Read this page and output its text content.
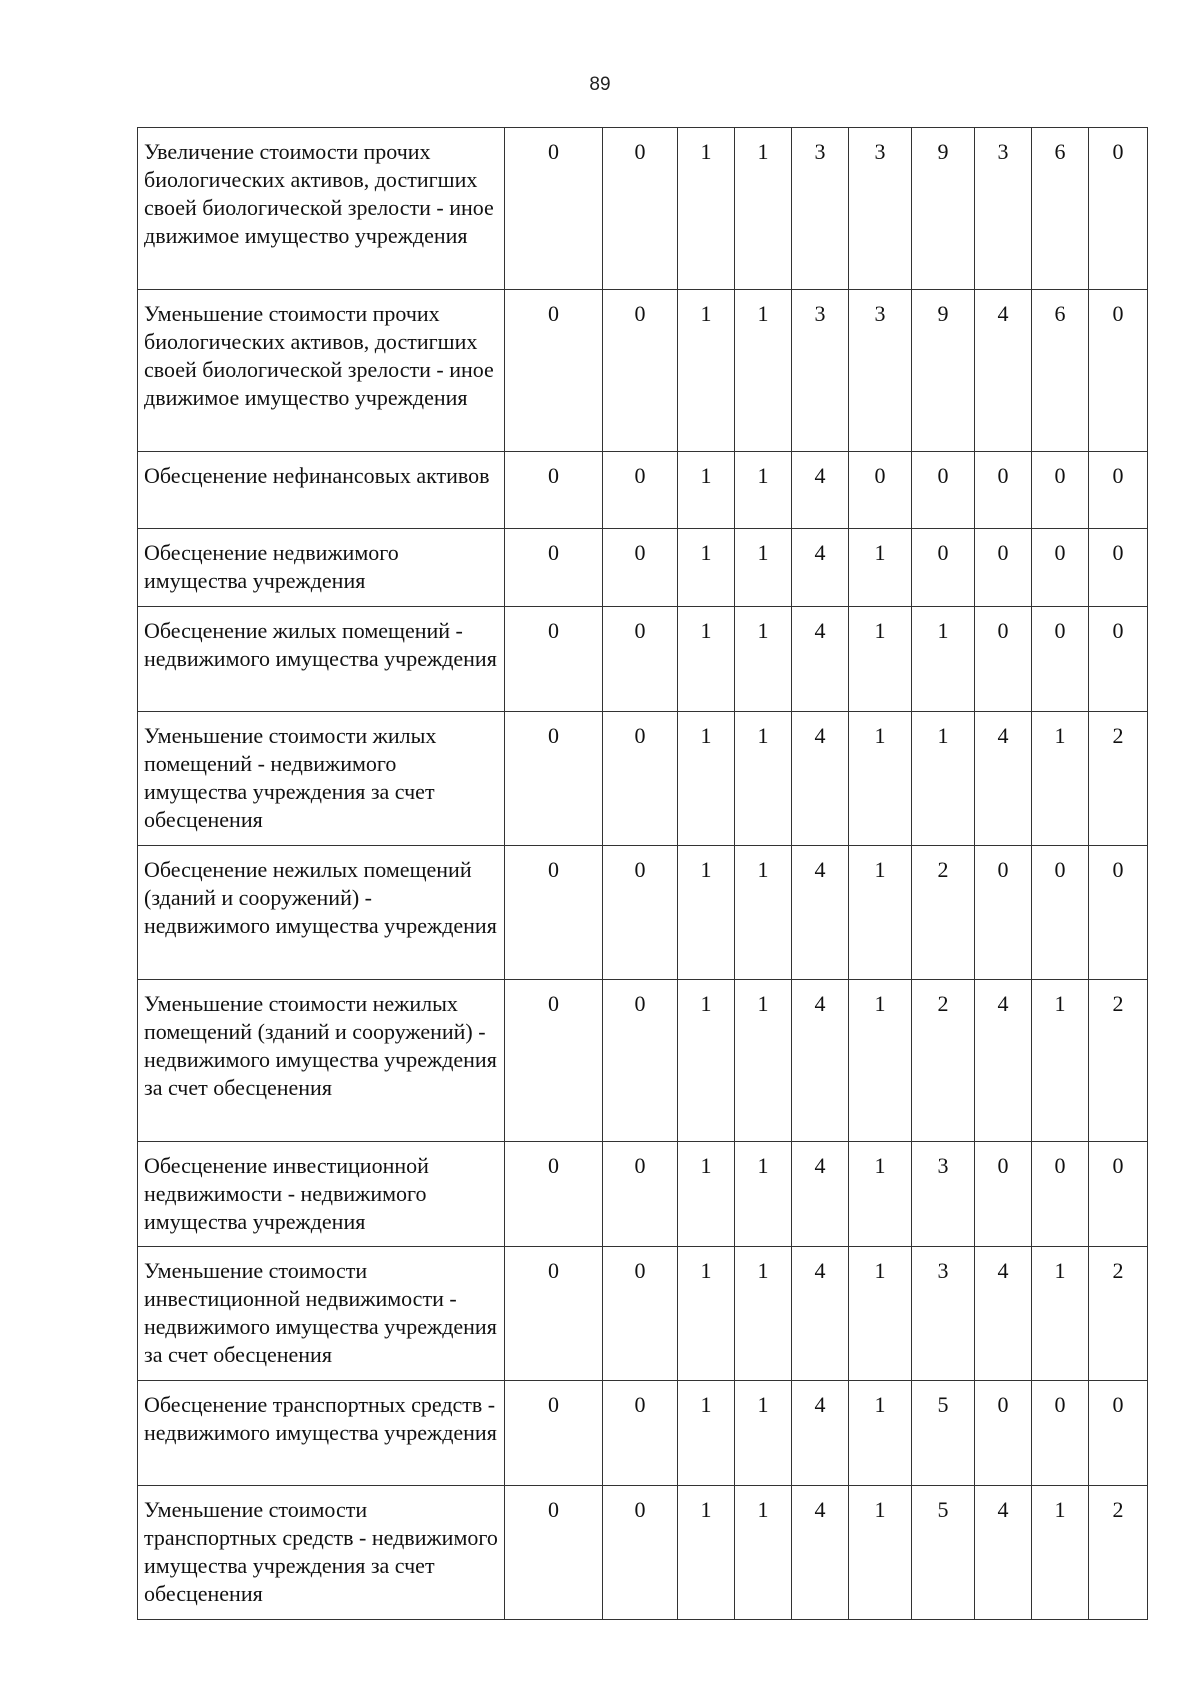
89
Увеличение стоимости прочих биологических активов, достигших своей биологической зрелости - иное движимое имущество учреждения	0	0	1	1	3	3	9	3	6	0
Уменьшение стоимости прочих биологических активов, достигших своей биологической зрелости - иное движимое имущество учреждения	0	0	1	1	3	3	9	4	6	0
Обесценение нефинансовых активов	0	0	1	1	4	0	0	0	0	0
Обесценение недвижимого имущества учреждения	0	0	1	1	4	1	0	0	0	0
Обесценение жилых помещений - недвижимого имущества учреждения	0	0	1	1	4	1	1	0	0	0
Уменьшение стоимости жилых помещений - недвижимого имущества учреждения за счет обесценения	0	0	1	1	4	1	1	4	1	2
Обесценение нежилых помещений (зданий и сооружений) - недвижимого имущества учреждения	0	0	1	1	4	1	2	0	0	0
Уменьшение стоимости нежилых помещений (зданий и сооружений) - недвижимого имущества учреждения за счет обесценения	0	0	1	1	4	1	2	4	1	2
Обесценение инвестиционной недвижимости - недвижимого имущества учреждения	0	0	1	1	4	1	3	0	0	0
Уменьшение стоимости инвестиционной недвижимости - недвижимого имущества учреждения за счет обесценения	0	0	1	1	4	1	3	4	1	2
Обесценение транспортных средств - недвижимого имущества учреждения	0	0	1	1	4	1	5	0	0	0
Уменьшение стоимости транспортных средств - недвижимого имущества учреждения за счет обесценения	0	0	1	1	4	1	5	4	1	2
